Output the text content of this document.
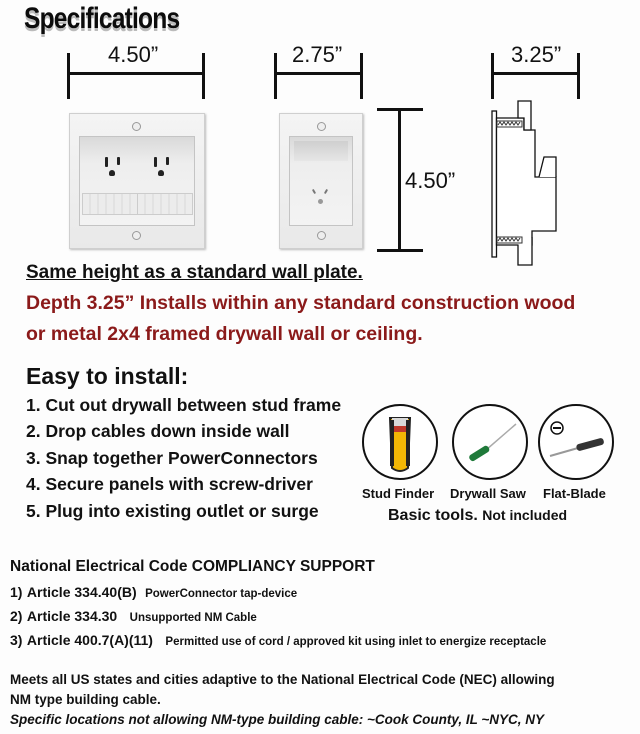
Specifications
4.50”	2.75”
4.50”
3.25”
Same height as a standard wall plate.
Depth 3.25” Installs within any standard construction wood
or metal 2x4 framed drywall wall or ceiling.
Easy to install:
1. Cut out drywall between stud frame
2. Drop cables down inside wall
3. Snap together PowerConnectors
4. Secure panels with screw-driver
5. Plug into existing outlet or surge
Stud Finder Drywall Saw Flat-Blade
Basic tools. Not included
National Electrical Code COMPLIANCY SUPPORT
1) Article 334.40(B) PowerConnector tap-device
2) Article 334.30 Unsupported NM Cable
3) Article 400.7(A)(11) Permitted use of cord / approved kit using inlet to energize receptacle
Meets all US states and cities adaptive to the National Electrical Code (NEC) allowing
NM type building cable.
Specific locations not allowing NM-type building cable: ~Cook County, IL ~NYC, NY
